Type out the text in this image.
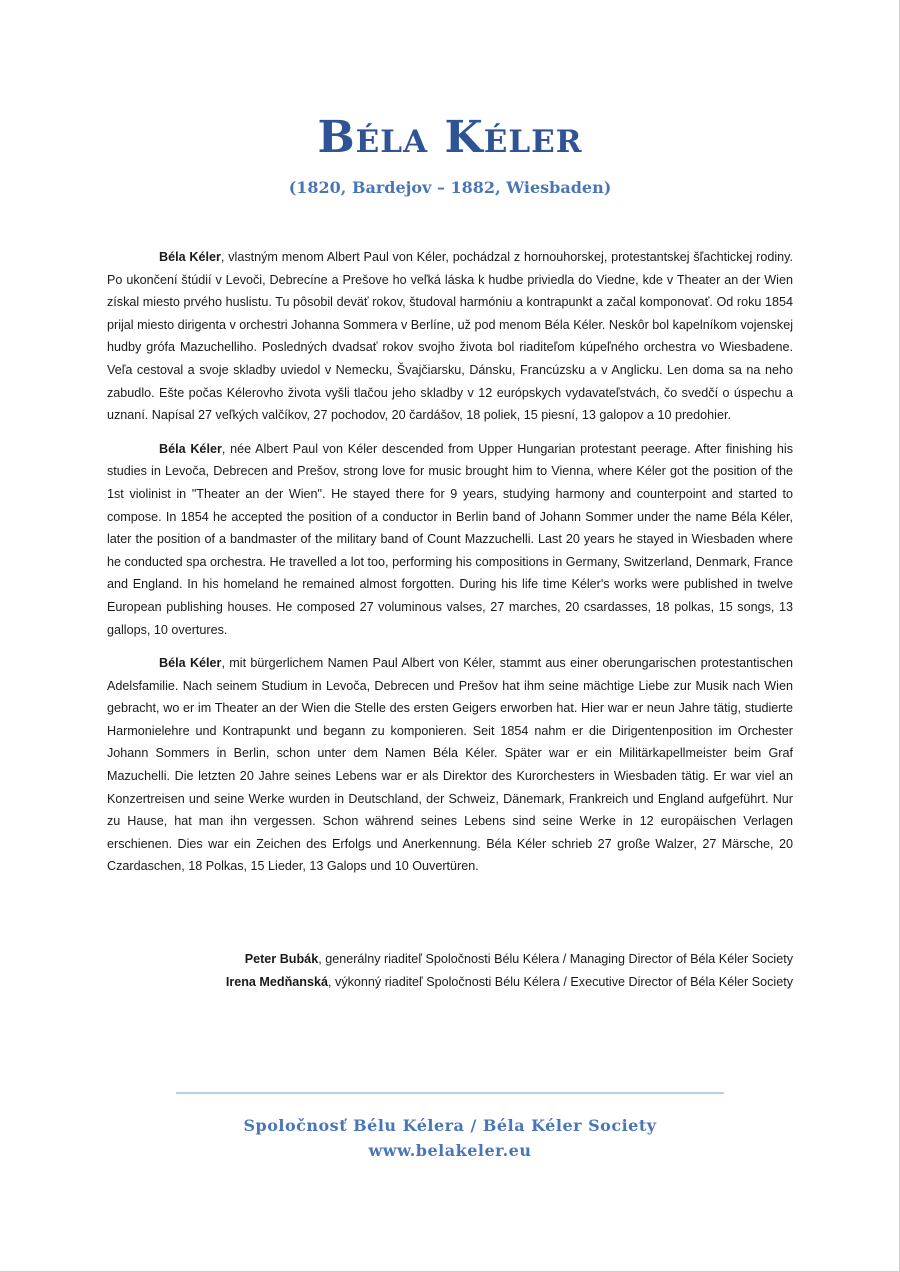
Béla Kéler
(1820, Bardejov – 1882, Wiesbaden)

Béla Kéler, vlastným menom Albert Paul von Kéler, pochádzal z hornouhorskej, protestantskej šľachtickej rodiny. Po ukončení štúdií v Levoči, Debrecíne a Prešove ho veľká láska k hudbe priviedla do Viedne, kde v Theater an der Wien získal miesto prvého huslistu. Tu pôsobil deväť rokov, študoval harmóniu a kontrapunkt a začal komponovať. Od roku 1854 prijal miesto dirigenta v orchestri Johanna Sommera v Berlíne, už pod menom Béla Kéler. Neskôr bol kapelníkom vojenskej hudby grófa Mazuchelliho. Posledných dvadsať rokov svojho života bol riaditeľom kúpeľného orchestra vo Wiesbadene. Veľa cestoval a svoje skladby uviedol v Nemecku, Švajčiarsku, Dánsku, Francúzsku a v Anglicku. Len doma sa na neho zabudlo. Ešte počas Kélerovho života vyšli tlačou jeho skladby v 12 európskych vydavateľstvách, čo svedčí o úspechu a uznaní. Napísal 27 veľkých valčíkov, 27 pochodov, 20 čardášov, 18 poliek, 15 piesní, 13 galopov a 10 predohier.

Béla Kéler, née Albert Paul von Kéler descended from Upper Hungarian protestant peerage. After finishing his studies in Levoča, Debrecen and Prešov, strong love for music brought him to Vienna, where Kéler got the position of the 1st violinist in "Theater an der Wien". He stayed there for 9 years, studying harmony and counterpoint and started to compose. In 1854 he accepted the position of a conductor in Berlin band of Johann Sommer under the name Béla Kéler, later the position of a bandmaster of the military band of Count Mazzuchelli. Last 20 years he stayed in Wiesbaden where he conducted spa orchestra. He travelled a lot too, performing his compositions in Germany, Switzerland, Denmark, France and England. In his homeland he remained almost forgotten. During his life time Kéler's works were published in twelve European publishing houses. He composed 27 voluminous valses, 27 marches, 20 csardasses, 18 polkas, 15 songs, 13 gallops, 10 overtures.

Béla Kéler, mit bürgerlichem Namen Paul Albert von Kéler, stammt aus einer oberungarischen protestantischen Adelsfamilie. Nach seinem Studium in Levoča, Debrecen und Prešov hat ihm seine mächtige Liebe zur Musik nach Wien gebracht, wo er im Theater an der Wien die Stelle des ersten Geigers erworben hat. Hier war er neun Jahre tätig, studierte Harmonielehre und Kontrapunkt und begann zu komponieren. Seit 1854 nahm er die Dirigentenposition im Orchester Johann Sommers in Berlin, schon unter dem Namen Béla Kéler. Später war er ein Militärkapellmeister beim Graf Mazuchelli. Die letzten 20 Jahre seines Lebens war er als Direktor des Kurorchesters in Wiesbaden tätig. Er war viel an Konzertreisen und seine Werke wurden in Deutschland, der Schweiz, Dänemark, Frankreich und England aufgeführt. Nur zu Hause, hat man ihn vergessen. Schon während seines Lebens sind seine Werke in 12 europäischen Verlagen erschienen. Dies war ein Zeichen des Erfolgs und Anerkennung. Béla Kéler schrieb 27 große Walzer, 27 Märsche, 20 Czardaschen, 18 Polkas, 15 Lieder, 13 Galops und 10 Ouvertüren.

Peter Bubák, generálny riaditeľ Spoločnosti Bélu Kélera / Managing Director of Béla Kéler Society
Irena Medňanská, výkonný riaditeľ Spoločnosti Bélu Kélera / Executive Director of Béla Kéler Society
Spoločnosť Bélu Kélera / Béla Kéler Society
www.belakeler.eu
